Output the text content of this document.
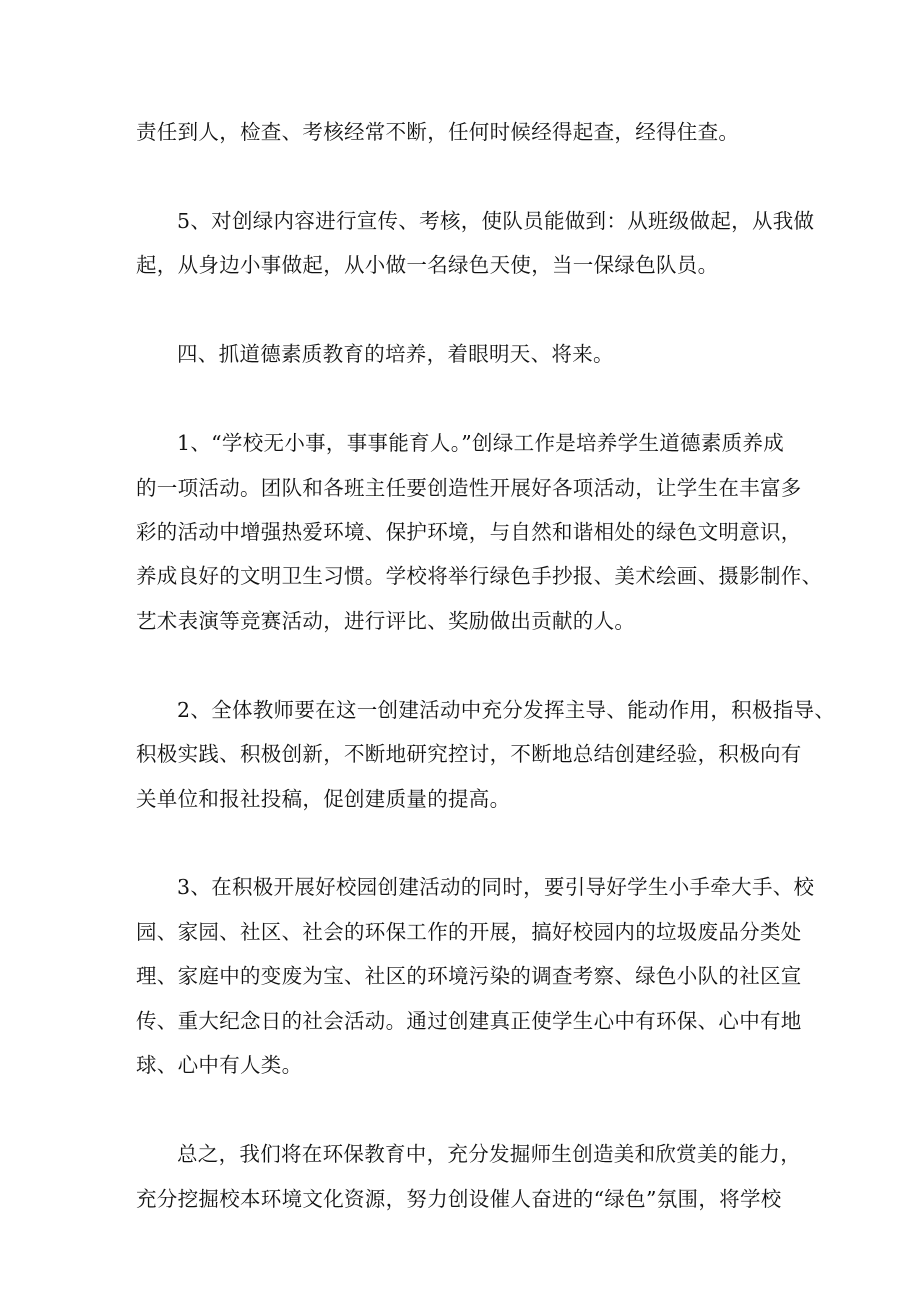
责任到人，检查、考核经常不断，任何时候经得起查，经得住查。

5、对创绿内容进行宣传、考核，使队员能做到：从班级做起，从我做
起，从身边小事做起，从小做一名绿色天使，当一保绿色队员。

四、抓道德素质教育的培养，着眼明天、将来。

1、“学校无小事，事事能育人。”创绿工作是培养学生道德素质养成
的一项活动。团队和各班主任要创造性开展好各项活动，让学生在丰富多
彩的活动中增强热爱环境、保护环境，与自然和谐相处的绿色文明意识，
养成良好的文明卫生习惯。学校将举行绿色手抄报、美术绘画、摄影制作、
艺术表演等竞赛活动，进行评比、奖励做出贡献的人。

2、全体教师要在这一创建活动中充分发挥主导、能动作用，积极指导、
积极实践、积极创新，不断地研究控讨，不断地总结创建经验，积极向有
关单位和报社投稿，促创建质量的提高。

3、在积极开展好校园创建活动的同时，要引导好学生小手牵大手、校
园、家园、社区、社会的环保工作的开展，搞好校园内的垃圾废品分类处
理、家庭中的变废为宝、社区的环境污染的调查考察、绿色小队的社区宣
传、重大纪念日的社会活动。通过创建真正使学生心中有环保、心中有地
球、心中有人类。

总之，我们将在环保教育中，充分发掘师生创造美和欣赏美的能力，
充分挖掘校本环境文化资源，努力创设催人奋进的“绿色”氛围，将学校
